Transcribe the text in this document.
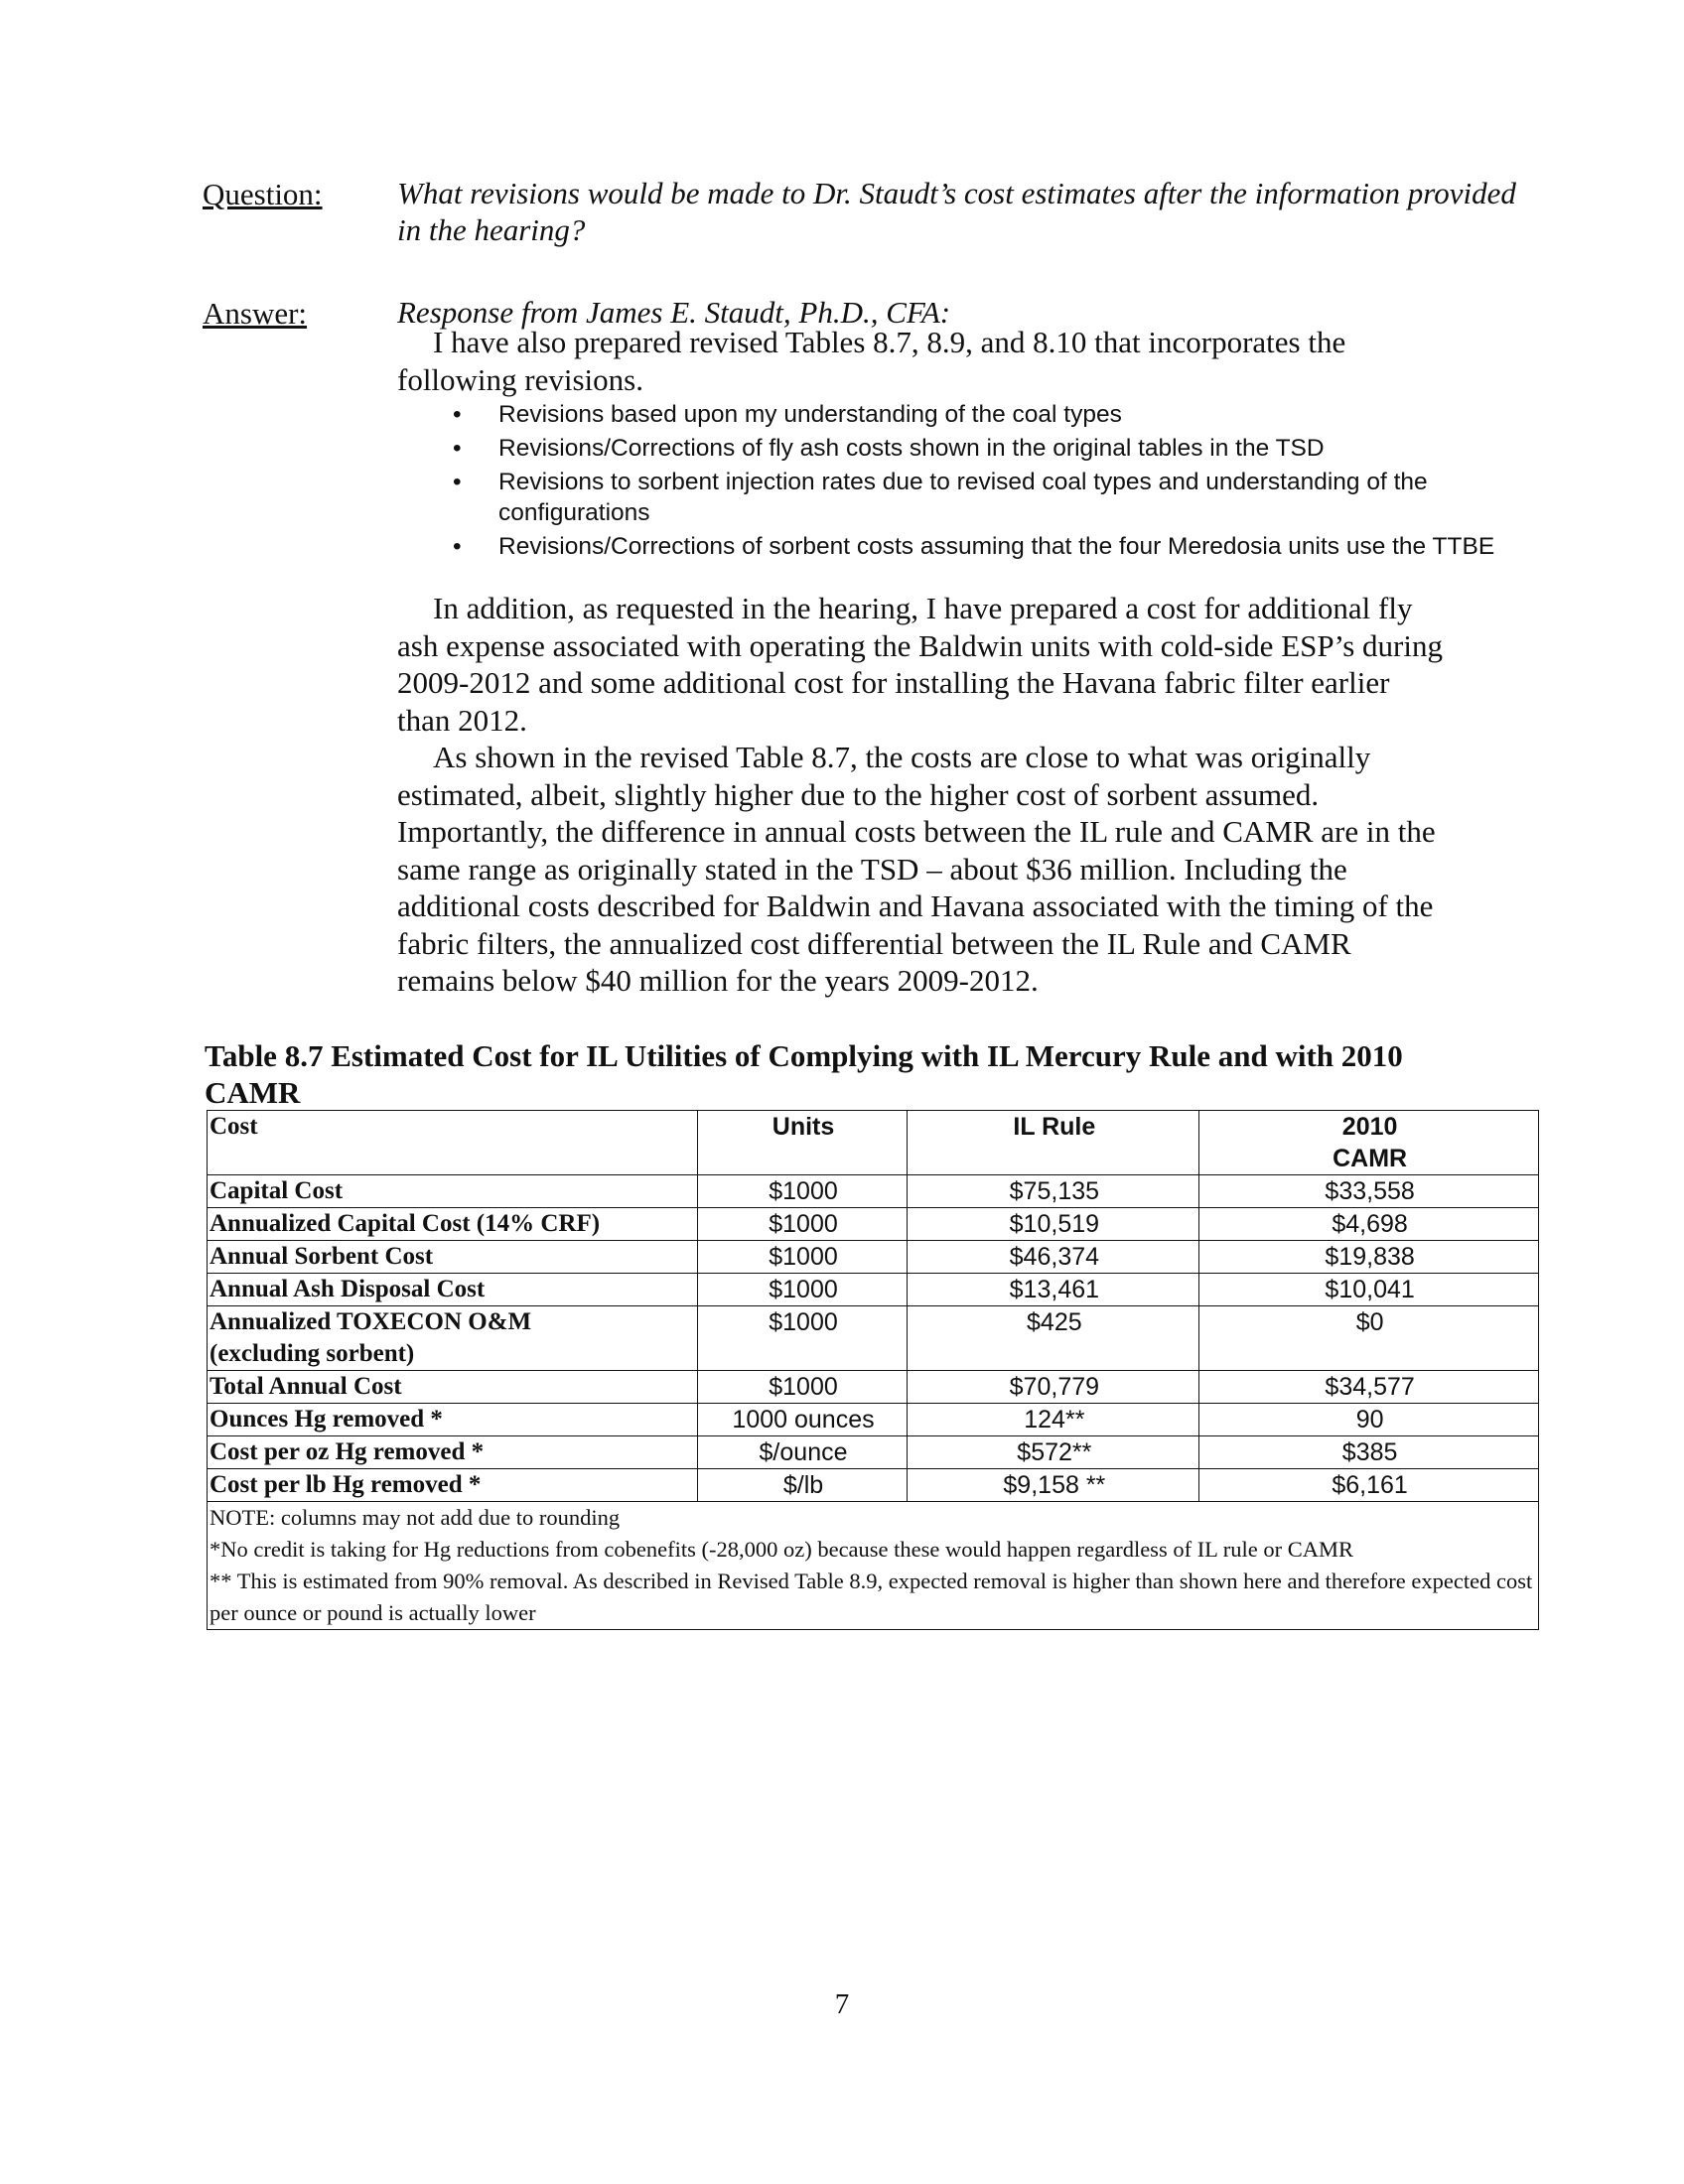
Question: What revisions would be made to Dr. Staudt’s cost estimates after the information provided in the hearing?
Answer:	Response from James E. Staudt, Ph.D., CFA:

I have also prepared revised Tables 8.7, 8.9, and 8.10 that incorporates the following revisions.

• Revisions based upon my understanding of the coal types
• Revisions/Corrections of fly ash costs shown in the original tables in the TSD
• Revisions to sorbent injection rates due to revised coal types and understanding of the configurations
• Revisions/Corrections of sorbent costs assuming that the four Meredosia units use the TTBE

In addition, as requested in the hearing, I have prepared a cost for additional fly ash expense associated with operating the Baldwin units with cold-side ESP’s during 2009-2012 and some additional cost for installing the Havana fabric filter earlier than 2012.

As shown in the revised Table 8.7, the costs are close to what was originally estimated, albeit, slightly higher due to the higher cost of sorbent assumed. Importantly, the difference in annual costs between the IL rule and CAMR are in the same range as originally stated in the TSD – about $36 million. Including the additional costs described for Baldwin and Havana associated with the timing of the fabric filters, the annualized cost differential between the IL Rule and CAMR remains below $40 million for the years 2009-2012.

Table 8.7 Estimated Cost for IL Utilities of Complying with IL Mercury Rule and with 2010 CAMR
Cost	Units	IL Rule	2010
CAMR

Capital Cost	$1000	$75,135	$33,558
Annualized Capital Cost (14% CRF)	$1000	$10,519	$4,698
Annual Sorbent Cost	$1000	$46,374	$19,838
Annual Ash Disposal Cost	$1000	$13,461	$10,041

Annualized TOXECON O&M
(excluding sorbent)	$1000	$425	$0
Total Annual Cost	$1000	$70,779	$34,577
Ounces Hg removed *	1000 ounces	124**	90
Cost per oz Hg removed *	$/ounce	$572**	$385
Cost per lb Hg removed *	$/lb	$9,158 **	$6,161

NOTE: columns may not add due to rounding
*No credit is taking for Hg reductions from cobenefits (-28,000 oz) because these would happen regardless of IL rule or CAMR
** This is estimated from 90% removal. As described in Revised Table 8.9, expected removal is higher than shown here and therefore expected cost per ounce or pound is actually lower			
7
